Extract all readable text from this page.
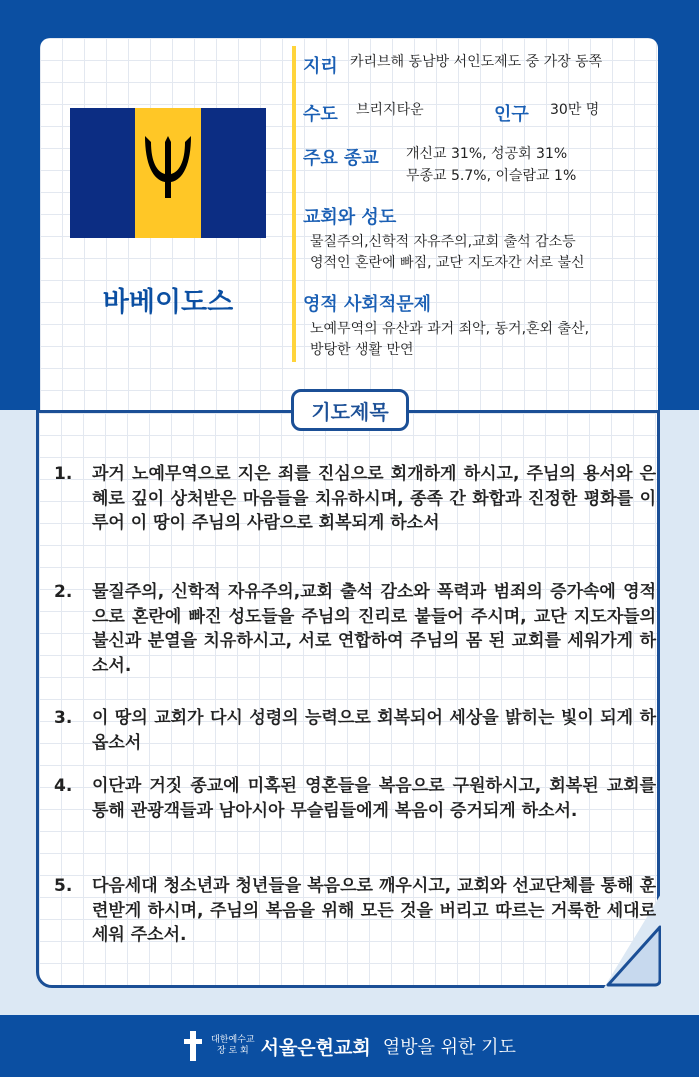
바베이도스
지리 카리브해 동남방 서인도제도 중 가장 동쪽
수도 브리지타운	인구 30만 명
주요 종교 개신교 31%, 성공회 31%
무종교 5.7%, 이슬람교 1%
교회와 성도
물질주의,신학적 자유주의,교회 출석 감소등
영적인 혼란에 빠짐, 교단 지도자간 서로 불신
영적 사회적문제
노예무역의 유산과 과거 죄악, 동거,혼외 출산,
방탕한 생활 만연
기도제목
1.	과거 노예무역으로 지은 죄를 진심으로 회개하게 하시고, 주님의 용서와 은혜로 깊이 상처받은 마음들을 치유하시며, 종족 간 화합과 진정한 평화를 이루어 이 땅이 주님의 사람으로 회복되게 하소서
2.	물질주의, 신학적 자유주의,교회 출석 감소와 폭력과 범죄의 증가속에 영적으로 혼란에 빠진 성도들을 주님의 진리로 붙들어 주시며, 교단 지도자들의 불신과 분열을 치유하시고, 서로 연합하여 주님의 몸 된 교회를 세워가게 하소서.
3.	이 땅의 교회가 다시 성령의 능력으로 회복되어 세상을 밝히는 빛이 되게 하옵소서
4.	이단과 거짓 종교에 미혹된 영혼들을 복음으로 구원하시고, 회복된 교회를 통해 관광객들과 남아시아 무슬림들에게 복음이 증거되게 하소서.
5.	다음세대 청소년과 청년들을 복음으로 깨우시고, 교회와 선교단체를 통해 훈련받게 하시며, 주님의 복음을 위해 모든 것을 버리고 따르는 거룩한 세대로 세워 주소서.
대한예수교
장 로 회 서울은현교회 열방을 위한 기도
